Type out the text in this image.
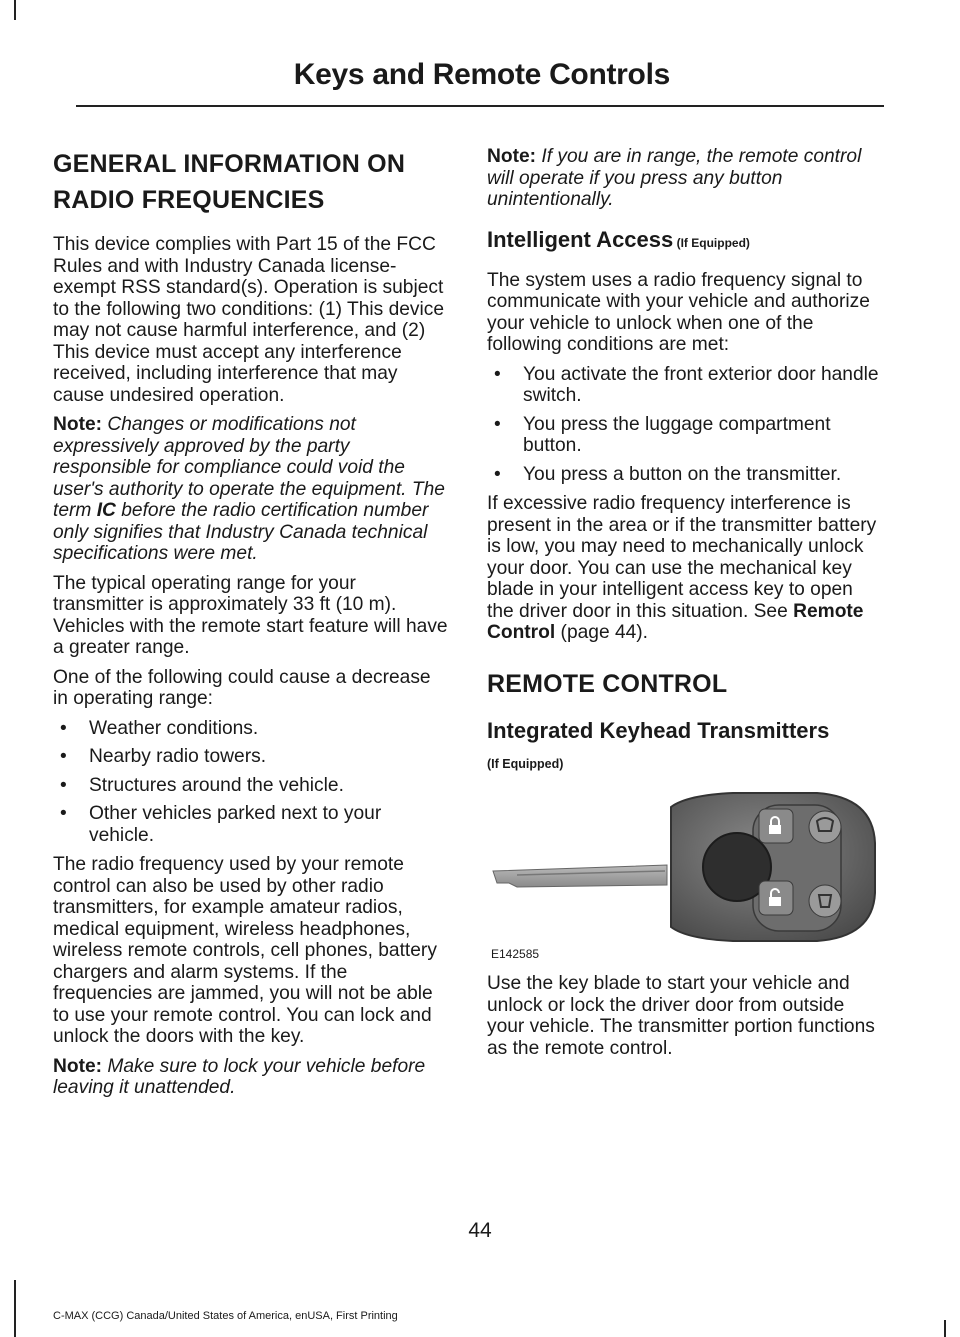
Keys and Remote Controls
GENERAL INFORMATION ON
RADIO FREQUENCIES

This device complies with Part 15 of the FCC Rules and with Industry Canada license-exempt RSS standard(s). Operation is subject to the following two conditions: (1) This device may not cause harmful interference, and (2) This device must accept any interference received, including interference that may cause undesired operation.

Note: Changes or modifications not expressively approved by the party responsible for compliance could void the user's authority to operate the equipment. The term IC before the radio certification number only signifies that Industry Canada technical specifications were met.

The typical operating range for your transmitter is approximately 33 ft (10 m). Vehicles with the remote start feature will have a greater range.

One of the following could cause a decrease in operating range:

• Weather conditions.
• Nearby radio towers.
• Structures around the vehicle.
• Other vehicles parked next to your vehicle.

The radio frequency used by your remote control can also be used by other radio transmitters, for example amateur radios, medical equipment, wireless headphones, wireless remote controls, cell phones, battery chargers and alarm systems. If the frequencies are jammed, you will not be able to use your remote control. You can lock and unlock the doors with the key.

Note: Make sure to lock your vehicle before leaving it unattended.

Note: If you are in range, the remote control will operate if you press any button unintentionally.

Intelligent Access (If Equipped)

The system uses a radio frequency signal to communicate with your vehicle and authorize your vehicle to unlock when one of the following conditions are met:

• You activate the front exterior door handle switch.
• You press the luggage compartment button.
• You press a button on the transmitter.

If excessive radio frequency interference is present in the area or if the transmitter battery is low, you may need to mechanically unlock your door. You can use the mechanical key blade in your intelligent access key to open the driver door in this situation. See Remote Control (page 44).

REMOTE CONTROL
Integrated Keyhead Transmitters
(If Equipped)
E142585

Use the key blade to start your vehicle and unlock or lock the driver door from outside your vehicle. The transmitter portion functions as the remote control.

44
C-MAX (CCG) Canada/United States of America, enUSA, First Printing
